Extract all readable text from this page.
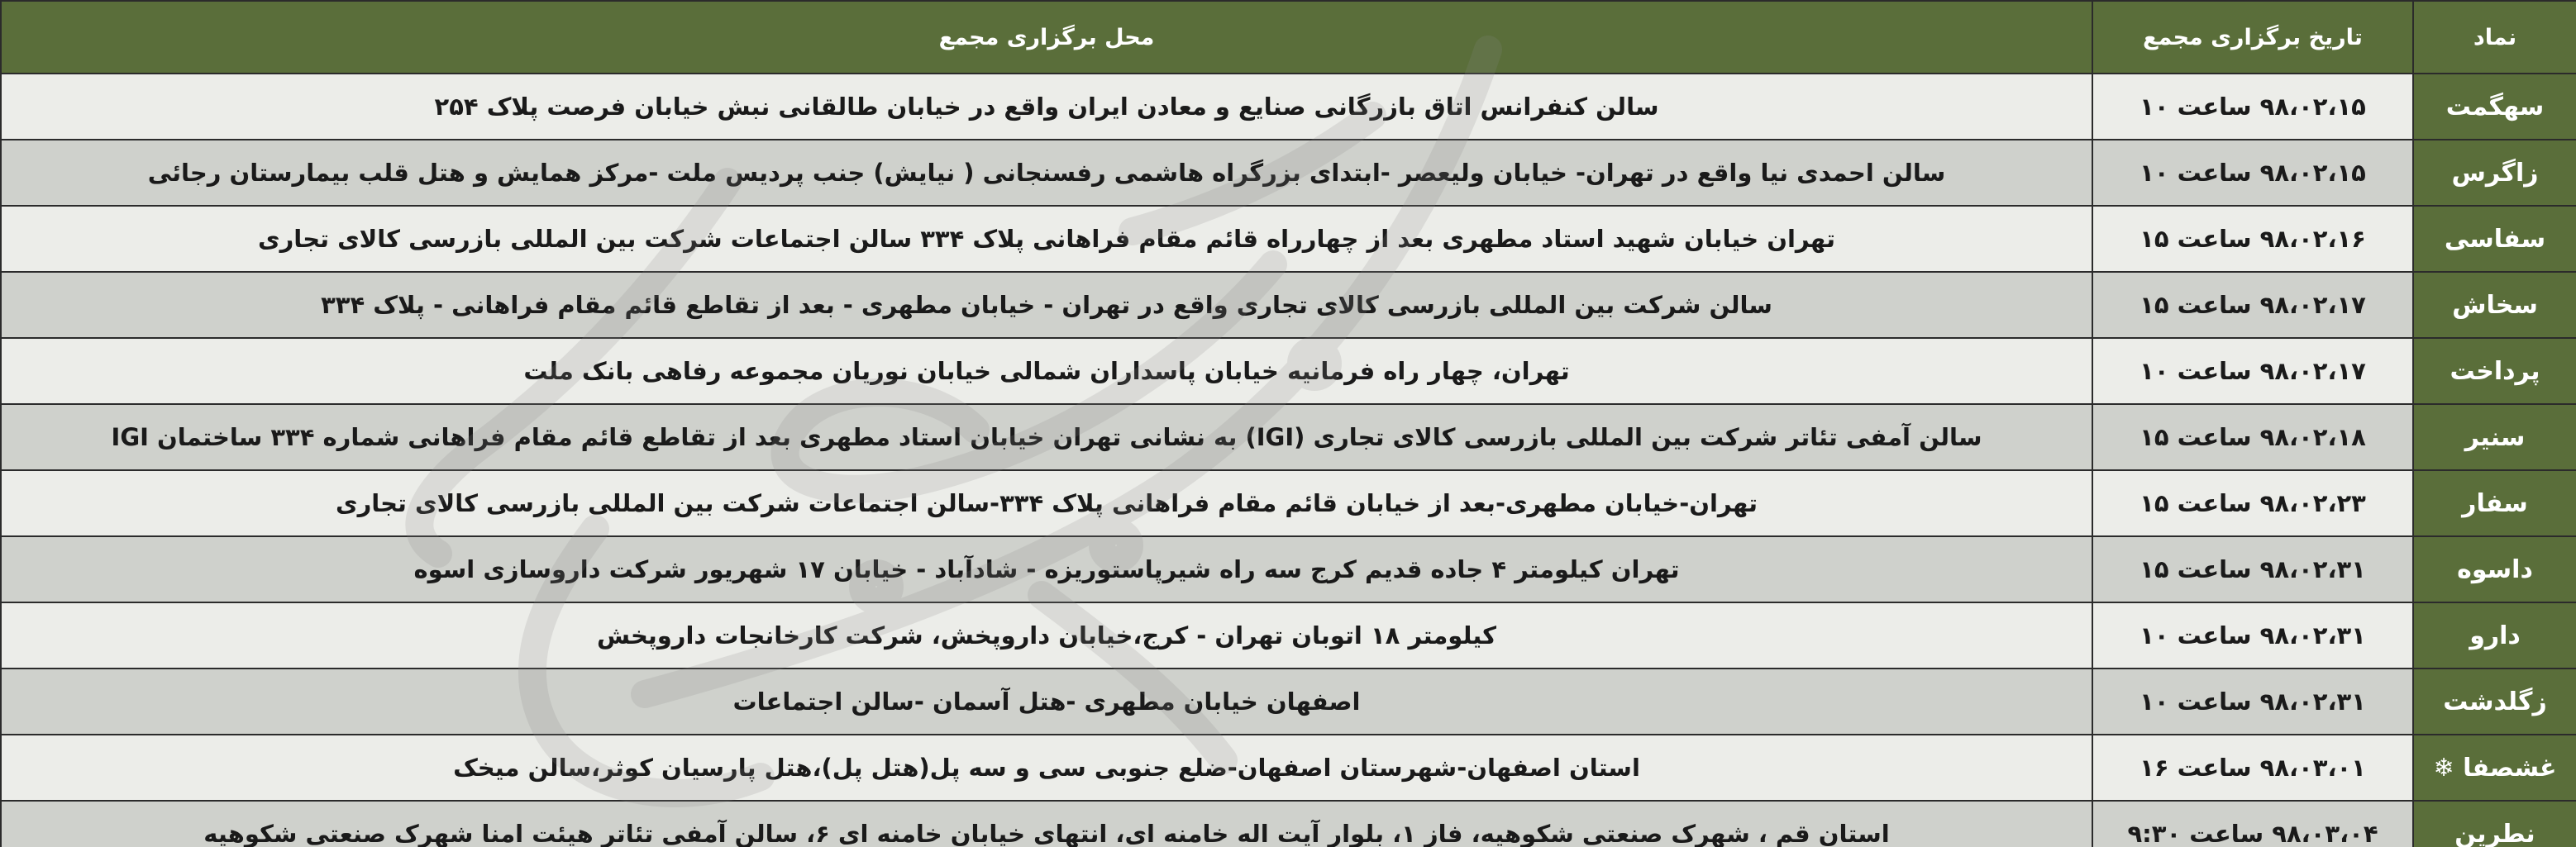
نماد	تاریخ برگزاری مجمع	محل برگزاری مجمع
سهگمت	۹۸،۰۲،۱۵ ساعت ۱۰	سالن کنفرانس اتاق بازرگانی صنایع و معادن ایران واقع در خیابان طالقانی نبش خیابان فرصت پلاک ۲۵۴
زاگرس	۹۸،۰۲،۱۵ ساعت ۱۰	سالن احمدی نیا واقع در تهران- خیابان ولیعصر -ابتدای بزرگراه هاشمی رفسنجانی ( نیایش) جنب پردیس ملت -مرکز همایش و هتل قلب بیمارستان رجائی
سفاسی	۹۸،۰۲،۱۶ ساعت ۱۵	تهران خیابان شهید استاد مطهری بعد از چهارراه قائم مقام فراهانی پلاک ۳۳۴ سالن اجتماعات شرکت بین المللی بازرسی کالای تجاری
سخاش	۹۸،۰۲،۱۷ ساعت ۱۵	سالن شرکت بین المللی بازرسی کالای تجاری واقع در تهران - خیابان مطهری - بعد از تقاطع قائم مقام فراهانی - پلاک ۳۳۴
پرداخت	۹۸،۰۲،۱۷ ساعت ۱۰	تهران، چهار راه فرمانیه خیابان پاسداران شمالی خیابان نوریان مجموعه رفاهی بانک ملت
سنیر	۹۸،۰۲،۱۸ ساعت ۱۵	سالن آمفی تئاتر شرکت بین المللی بازرسی کالای تجاری (IGI) به نشانی تهران خیابان استاد مطهری بعد از تقاطع قائم مقام فراهانی شماره ۳۳۴ ساختمان IGI
سفار	۹۸،۰۲،۲۳ ساعت ۱۵	تهران-خیابان مطهری-بعد از خیابان قائم مقام فراهانی پلاک ۳۳۴-سالن اجتماعات شرکت بین المللی بازرسی کالای تجاری
داسوه	۹۸،۰۲،۳۱ ساعت ۱۵	تهران کیلومتر ۴ جاده قدیم کرج سه راه شیرپاستوریزه - شادآباد - خیابان ۱۷ شهریور شرکت داروسازی اسوه
دارو	۹۸،۰۲،۳۱ ساعت ۱۰	کیلومتر ۱۸ اتوبان تهران - کرج،خیابان داروپخش، شرکت کارخانجات داروپخش
زگلدشت	۹۸،۰۲،۳۱ ساعت ۱۰	اصفهان خیابان مطهری -هتل آسمان -سالن اجتماعات
غشصفا ❄	۹۸،۰۳،۰۱ ساعت ۱۶	استان اصفهان-شهرستان اصفهان-ضلع جنوبی سی و سه پل(هتل پل)،هتل پارسیان کوثر،سالن میخک
نطرین	۹۸،۰۳،۰۴ ساعت ۹:۳۰	استان قم ، شهرک صنعتی شکوهیه، فاز ۱، بلوار آیت اله خامنه ای، انتهای خیابان خامنه ای ۶، سالن آمفی تئاتر هیئت امنا شهرک صنعتی شکوهیه
